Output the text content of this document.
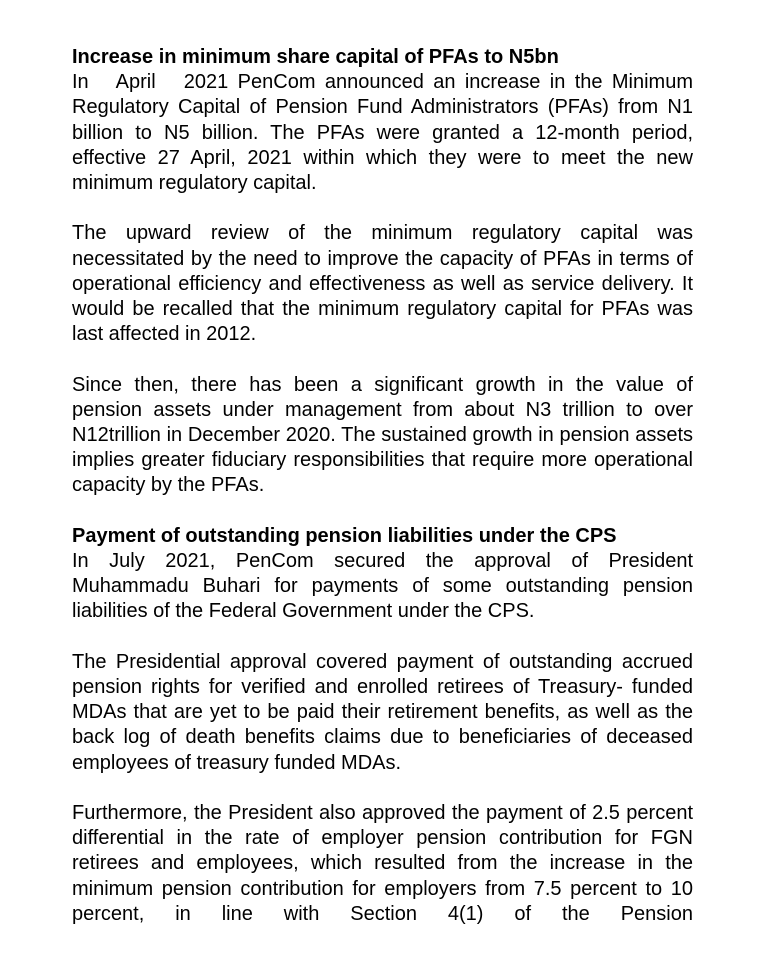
Increase in minimum share capital of PFAs to N5bn

In   April   2021 PenCom announced an increase in the Minimum Regulatory Capital of Pension Fund Administrators (PFAs) from N1 billion to N5 billion. The PFAs were granted a 12-month period, effective 27 April, 2021 within which they were to meet the new minimum regulatory capital.

The upward review of the minimum regulatory capital was necessitated by the need to improve the capacity of PFAs in terms of operational efficiency and effectiveness as well as service delivery. It would be recalled that the minimum regulatory capital for PFAs was last affected in 2012.

Since then, there has been a significant growth in the value of pension assets under management from about N3 trillion to over N12trillion in December 2020. The sustained growth in pension assets implies greater fiduciary responsibilities that require more operational capacity by the PFAs.

Payment of outstanding pension liabilities under the CPS

In July 2021, PenCom secured the approval of President Muhammadu Buhari for payments of some outstanding pension liabilities of the Federal Government under the CPS.

The Presidential approval covered payment of outstanding accrued pension rights for verified and enrolled retirees of Treasury- funded MDAs that are yet to be paid their retirement benefits, as well as the back log of death benefits claims due to beneficiaries of deceased employees of treasury funded MDAs.

Furthermore, the President also approved the payment of 2.5 percent differential in the rate of employer pension contribution for FGN retirees and employees, which resulted from the increase in the minimum pension contribution for employers from 7.5 percent to 10 percent, in line with Section 4(1) of the Pension
